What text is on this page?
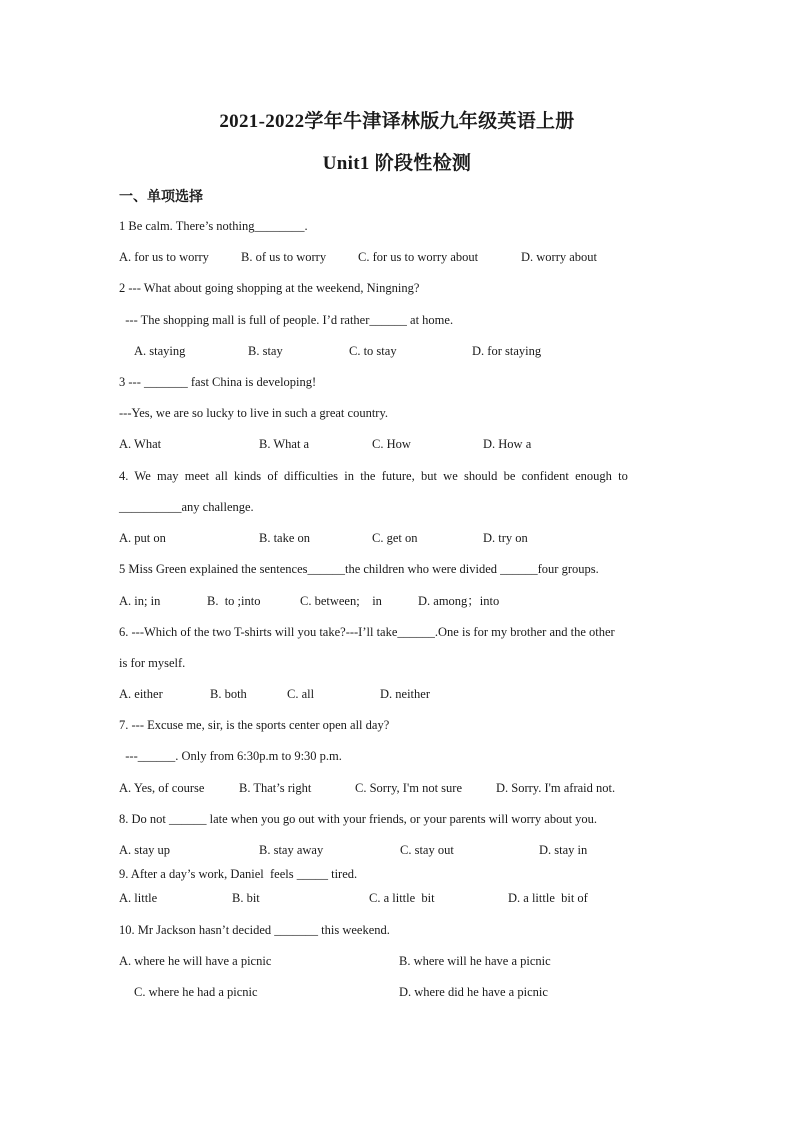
2021-2022学年牛津译林版九年级英语上册
Unit1 阶段性检测
一、单项选择
1 Be calm. There’s nothing________.
A. for us to worry	B. of us to worry	C. for us to worry about	D. worry about
2 --- What about going shopping at the weekend, Ningning?
--- The shopping mall is full of people. I’d rather______ at home.
A. staying	B. stay	C. to stay	D. for staying
3 --- _______ fast China is developing!
---Yes, we are so lucky to live in such a great country.
A. What	B. What a	C. How	D. How a
4.  We  may  meet  all  kinds  of  difficulties  in  the  future,  but  we  should  be  confident  enough  to
__________any challenge.
A. put on	B. take on	C. get on	D. try on
5 Miss Green explained the sentences______the children who were divided ______four groups.
A. in; in	B.  to ;into	C. between;    in	D. among；into
6. ---Which of the two T-shirts will you take?---I’ll take______.One is for my brother and the other
is for myself.
A. either	B. both	C. all	D. neither
7. --- Excuse me, sir, is the sports center open all day?
---______. Only from 6:30p.m to 9:30 p.m.
A. Yes, of course	B. That’s right	C. Sorry, I'm not sure	D. Sorry. I'm afraid not.
8. Do not ______ late when you go out with your friends, or your parents will worry about you.
A. stay up	B. stay away	C. stay out	D. stay in
9. After a day’s work, Daniel  feels _____ tired.
A. little	B. bit	C. a little  bit	D. a little  bit of
10. Mr Jackson hasn’t decided _______ this weekend.
A. where he will have a picnic	B. where will he have a picnic
C. where he had a picnic	D. where did he have a picnic
